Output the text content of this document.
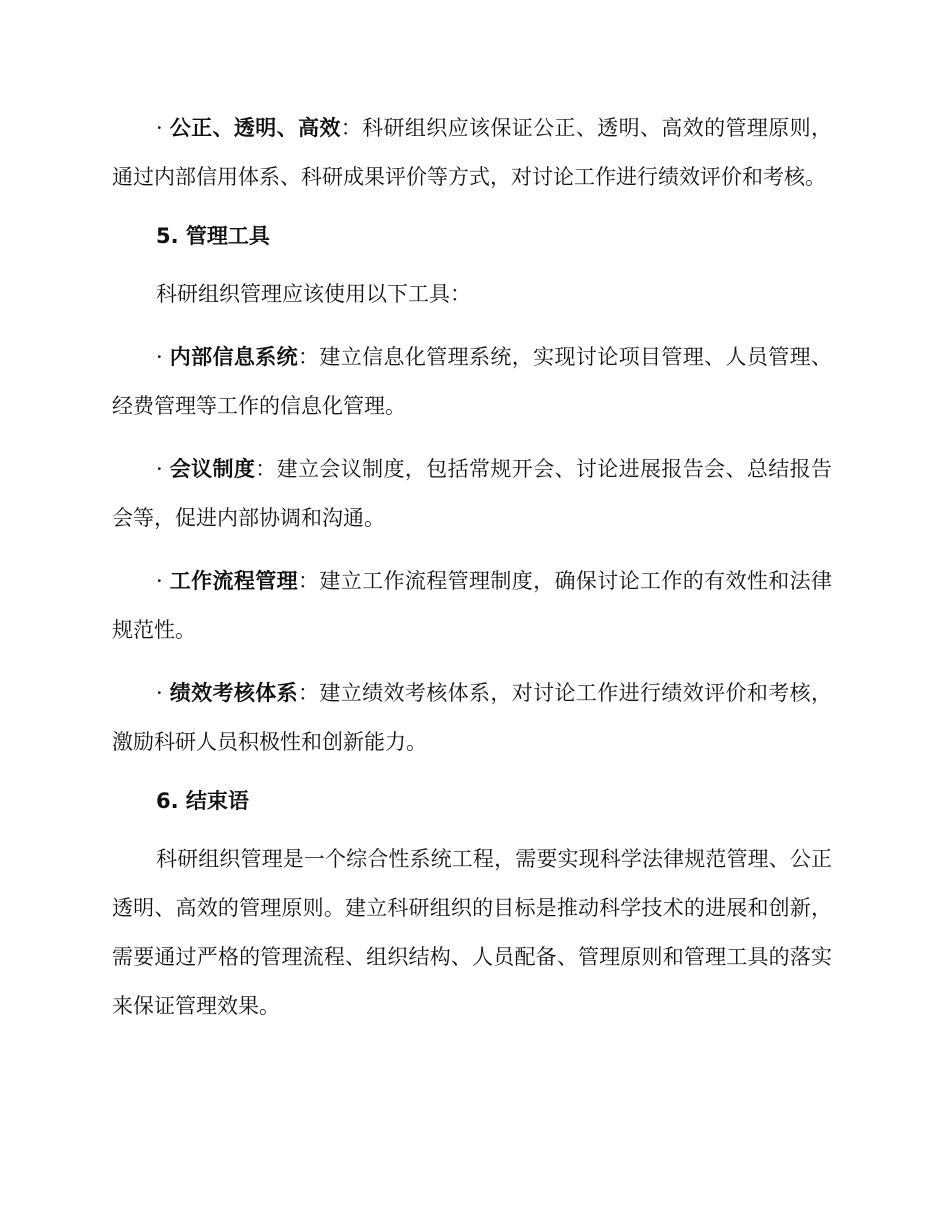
· 公正、透明、高效：科研组织应该保证公正、透明、高效的管理原则，通过内部信用体系、科研成果评价等方式，对讨论工作进行绩效评价和考核。

5. 管理工具

科研组织管理应该使用以下工具：

· 内部信息系统：建立信息化管理系统，实现讨论项目管理、人员管理、经费管理等工作的信息化管理。

· 会议制度：建立会议制度，包括常规开会、讨论进展报告会、总结报告会等，促进内部协调和沟通。

· 工作流程管理：建立工作流程管理制度，确保讨论工作的有效性和法律规范性。

· 绩效考核体系：建立绩效考核体系，对讨论工作进行绩效评价和考核，激励科研人员积极性和创新能力。

6. 结束语

科研组织管理是一个综合性系统工程，需要实现科学法律规范管理、公正透明、高效的管理原则。建立科研组织的目标是推动科学技术的进展和创新，需要通过严格的管理流程、组织结构、人员配备、管理原则和管理工具的落实来保证管理效果。
